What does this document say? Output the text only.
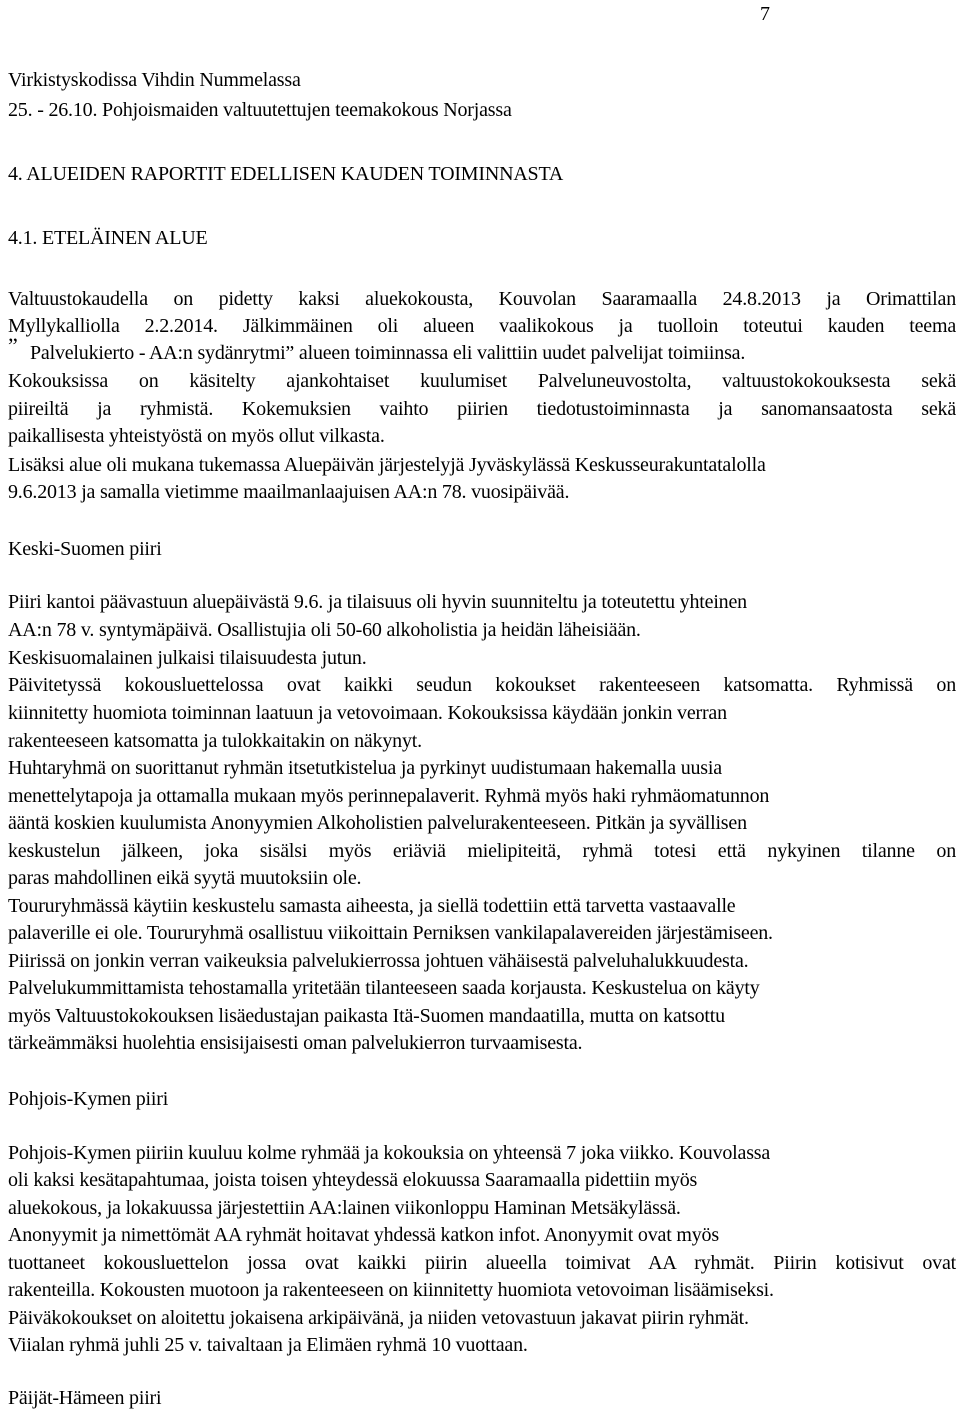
7
”
Virkistyskodissa Vihdin Nummelassa
25. - 26.10. Pohjoismaiden valtuutettujen teemakokous Norjassa
4. ALUEIDEN RAPORTIT EDELLISEN KAUDEN TOIMINNASTA
4.1. ETELÄINEN ALUE
Valtuustokaudella on pidetty kaksi aluekokousta, Kouvolan Saaramaalla 24.8.2013 ja Orimattilan
Myllykalliolla 2.2.2014. Jälkimmäinen oli alueen vaalikokous ja tuolloin toteutui kauden teema
Palvelukierto - AA:n sydänrytmi” alueen toiminnassa eli valittiin uudet palvelijat toimiinsa.
Kokouksissa on käsitelty ajankohtaiset kuulumiset Palveluneuvostolta, valtuustokokouksesta sekä
piireiltä ja ryhmistä. Kokemuksien vaihto piirien tiedotustoiminnasta ja sanomansaatosta sekä
paikallisesta yhteistyöstä on myös ollut vilkasta.
Lisäksi alue oli mukana tukemassa Aluepäivän järjestelyjä Jyväskylässä Keskusseurakuntatalolla
9.6.2013 ja samalla vietimme maailmanlaajuisen AA:n 78. vuosipäivää.
Keski-Suomen piiri
Piiri kantoi päävastuun aluepäivästä 9.6. ja tilaisuus oli hyvin suunniteltu ja toteutettu yhteinen
AA:n 78 v. syntymäpäivä. Osallistujia oli 50-60 alkoholistia ja heidän läheisiään.
Keskisuomalainen julkaisi tilaisuudesta jutun.
Päivitetyssä kokousluettelossa ovat kaikki seudun kokoukset rakenteeseen katsomatta. Ryhmissä on
kiinnitetty huomiota toiminnan laatuun ja vetovoimaan. Kokouksissa käydään jonkin verran
rakenteeseen katsomatta ja tulokkaitakin on näkynyt.
Huhtaryhmä on suorittanut ryhmän itsetutkistelua ja pyrkinyt uudistumaan hakemalla uusia
menettelytapoja ja ottamalla mukaan myös perinnepalaverit. Ryhmä myös haki ryhmäomatunnon
ääntä koskien kuulumista Anonyymien Alkoholistien palvelurakenteeseen. Pitkän ja syvällisen
keskustelun jälkeen, joka sisälsi myös eriäviä mielipiteitä, ryhmä totesi että nykyinen tilanne on
paras mahdollinen eikä syytä muutoksiin ole.
Toururyhmässä käytiin keskustelu samasta aiheesta, ja siellä todettiin että tarvetta vastaavalle
palaverille ei ole. Toururyhmä osallistuu viikoittain Perniksen vankilapalavereiden järjestämiseen.
Piirissä on jonkin verran vaikeuksia palvelukierrossa johtuen vähäisestä palveluhalukkuudesta.
Palvelukummittamista tehostamalla yritetään tilanteeseen saada korjausta. Keskustelua on käyty
myös Valtuustokokouksen lisäedustajan paikasta Itä-Suomen mandaatilla, mutta on katsottu
tärkeämmäksi huolehtia ensisijaisesti oman palvelukierron turvaamisesta.
Pohjois-Kymen piiri
Pohjois-Kymen piiriin kuuluu kolme ryhmää ja kokouksia on yhteensä 7 joka viikko. Kouvolassa
oli kaksi kesätapahtumaa, joista toisen yhteydessä elokuussa Saaramaalla pidettiin myös
aluekokous, ja lokakuussa järjestettiin AA:lainen viikonloppu Haminan Metsäkylässä.
Anonyymit ja nimettömät AA ryhmät hoitavat yhdessä katkon infot. Anonyymit ovat myös
tuottaneet kokousluettelon jossa ovat kaikki piirin alueella toimivat AA ryhmät. Piirin kotisivut ovat
rakenteilla. Kokousten muotoon ja rakenteeseen on kiinnitetty huomiota vetovoiman lisäämiseksi.
Päiväkokoukset on aloitettu jokaisena arkipäivänä, ja niiden vetovastuun jakavat piirin ryhmät.
Viialan ryhmä juhli 25 v. taivaltaan ja Elimäen ryhmä 10 vuottaan.
Päijät-Hämeen piiri
